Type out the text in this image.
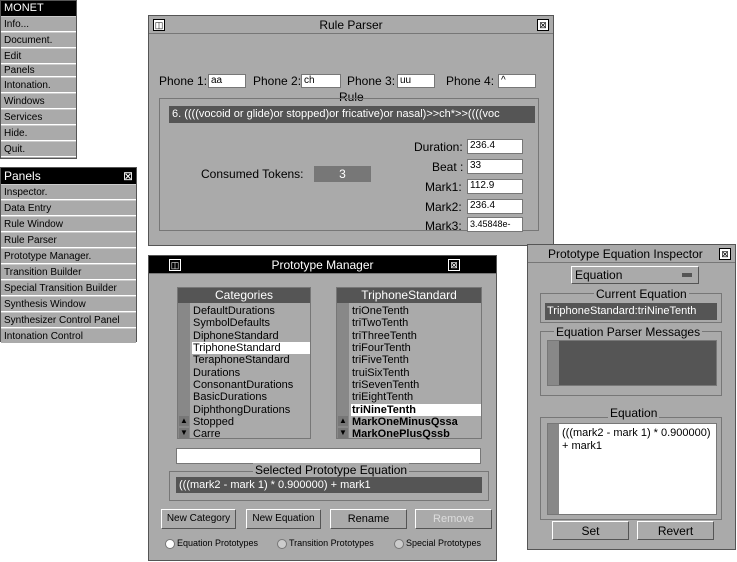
MONET
Info...
Document.
Edit
Panels
Intonation.
Windows
Services
Hide.
Quit.
Panels	⊠
Inspector.
Data Entry
Rule Window
Rule Parser
Prototype Manager.
Transition Builder
Special Transition Builder
Synthesis Window
Synthesizer Control Panel
Intonation Control
Rule Parser
◫	⊠
Phone 1: aa	Phone 2: ch	Phone 3: uu	Phone 4: ^
Rule
6. ((((vocoid or glide)or stopped)or fricative)or nasal)>>ch*>>((((voc
Consumed Tokens:	3
Duration: 236.4
Beat : 33
Mark1: 112.9
Mark2: 236.4
Mark3: 3.45848e-
Prototype Manager
◫	⊠
Categories
DefaultDurations
SymbolDefaults
DiphoneStandard
TriphoneStandard
TeraphoneStandard
Durations
ConsonantDurations
BasicDurations
DiphthongDurations
Stopped
Carre
TriphoneStandard
triOneTenth
triTwoTenth
triThreeTenth
triFourTenth
triFiveTenth
truiSixTenth
triSevenTenth
triEightTenth
triNineTenth
MarkOneMinusQssa
MarkOnePlusQssb
Selected Prototype Equation
(((mark2 - mark 1) * 0.900000) + mark1
New Category	New Equation	Rename	Remove
Equation Prototypes	Transition Prototypes	Special Prototypes
Prototype Equation Inspector	⊠
Equation
Current Equation
TriphoneStandard:triNineTenth
Equation Parser Messages
Equation
(((mark2 - mark 1) * 0.900000)
+ mark1
Set	Revert
▲
▼
▲
▼
